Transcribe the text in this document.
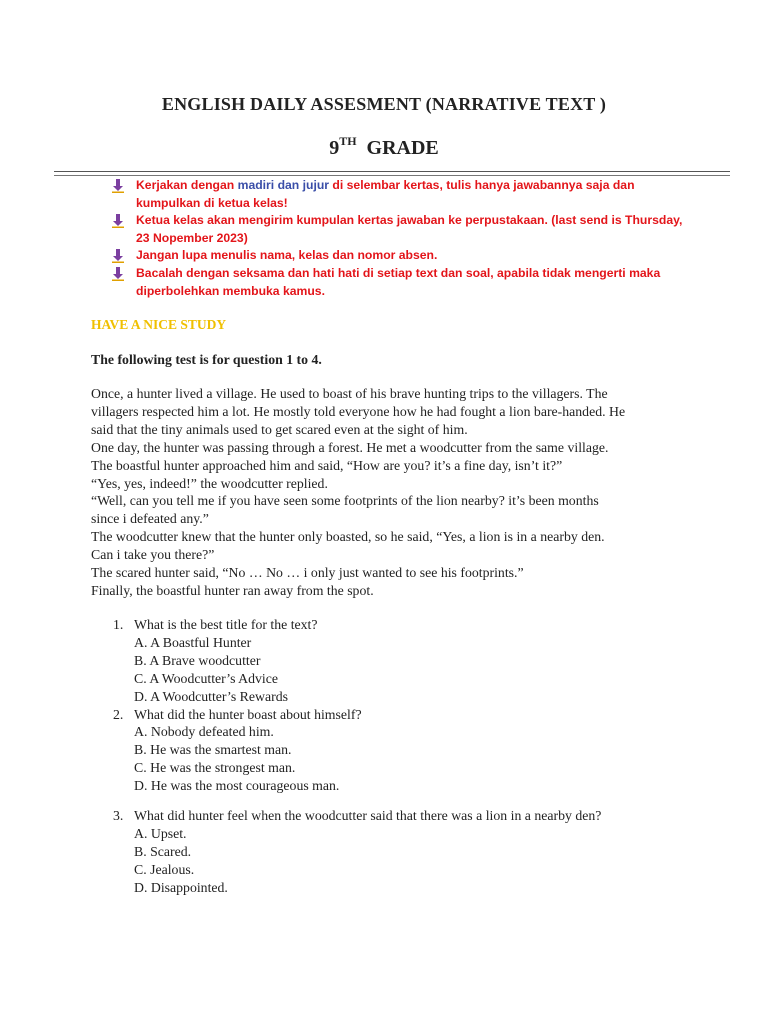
ENGLISH DAILY ASSESMENT (NARRATIVE TEXT )
9TH GRADE
Kerjakan dengan madiri dan jujur di selembar kertas, tulis hanya jawabannya saja dan kumpulkan di ketua kelas!
Ketua kelas akan mengirim kumpulan kertas jawaban ke perpustakaan. (last send is Thursday, 23 Nopember 2023)
Jangan lupa menulis nama, kelas dan nomor absen.
Bacalah dengan seksama dan hati hati di setiap text dan soal, apabila tidak mengerti maka diperbolehkan membuka kamus.
HAVE A NICE STUDY
The following test is for question 1 to 4.
Once, a hunter lived a village. He used to boast of his brave hunting trips to the villagers. The
villagers respected him a lot. He mostly told everyone how he had fought a lion bare-handed. He
said that the tiny animals used to get scared even at the sight of him.
One day, the hunter was passing through a forest. He met a woodcutter from the same village.
The boastful hunter approached him and said, “How are you? it’s a fine day, isn’t it?”
“Yes, yes, indeed!” the woodcutter replied.
“Well, can you tell me if you have seen some footprints of the lion nearby? it’s been months
since i defeated any.”
The woodcutter knew that the hunter only boasted, so he said, “Yes, a lion is in a nearby den.
Can i take you there?”
The scared hunter said, “No … No … i only just wanted to see his footprints.”
Finally, the boastful hunter ran away from the spot.
1. What is the best title for the text?
A. A Boastful Hunter
B. A Brave woodcutter
C. A Woodcutter’s Advice
D. A Woodcutter’s Rewards
2. What did the hunter boast about himself?
A. Nobody defeated him.
B. He was the smartest man.
C. He was the strongest man.
D. He was the most courageous man.
3. What did hunter feel when the woodcutter said that there was a lion in a nearby den?
A. Upset.
B. Scared.
C. Jealous.
D. Disappointed.
